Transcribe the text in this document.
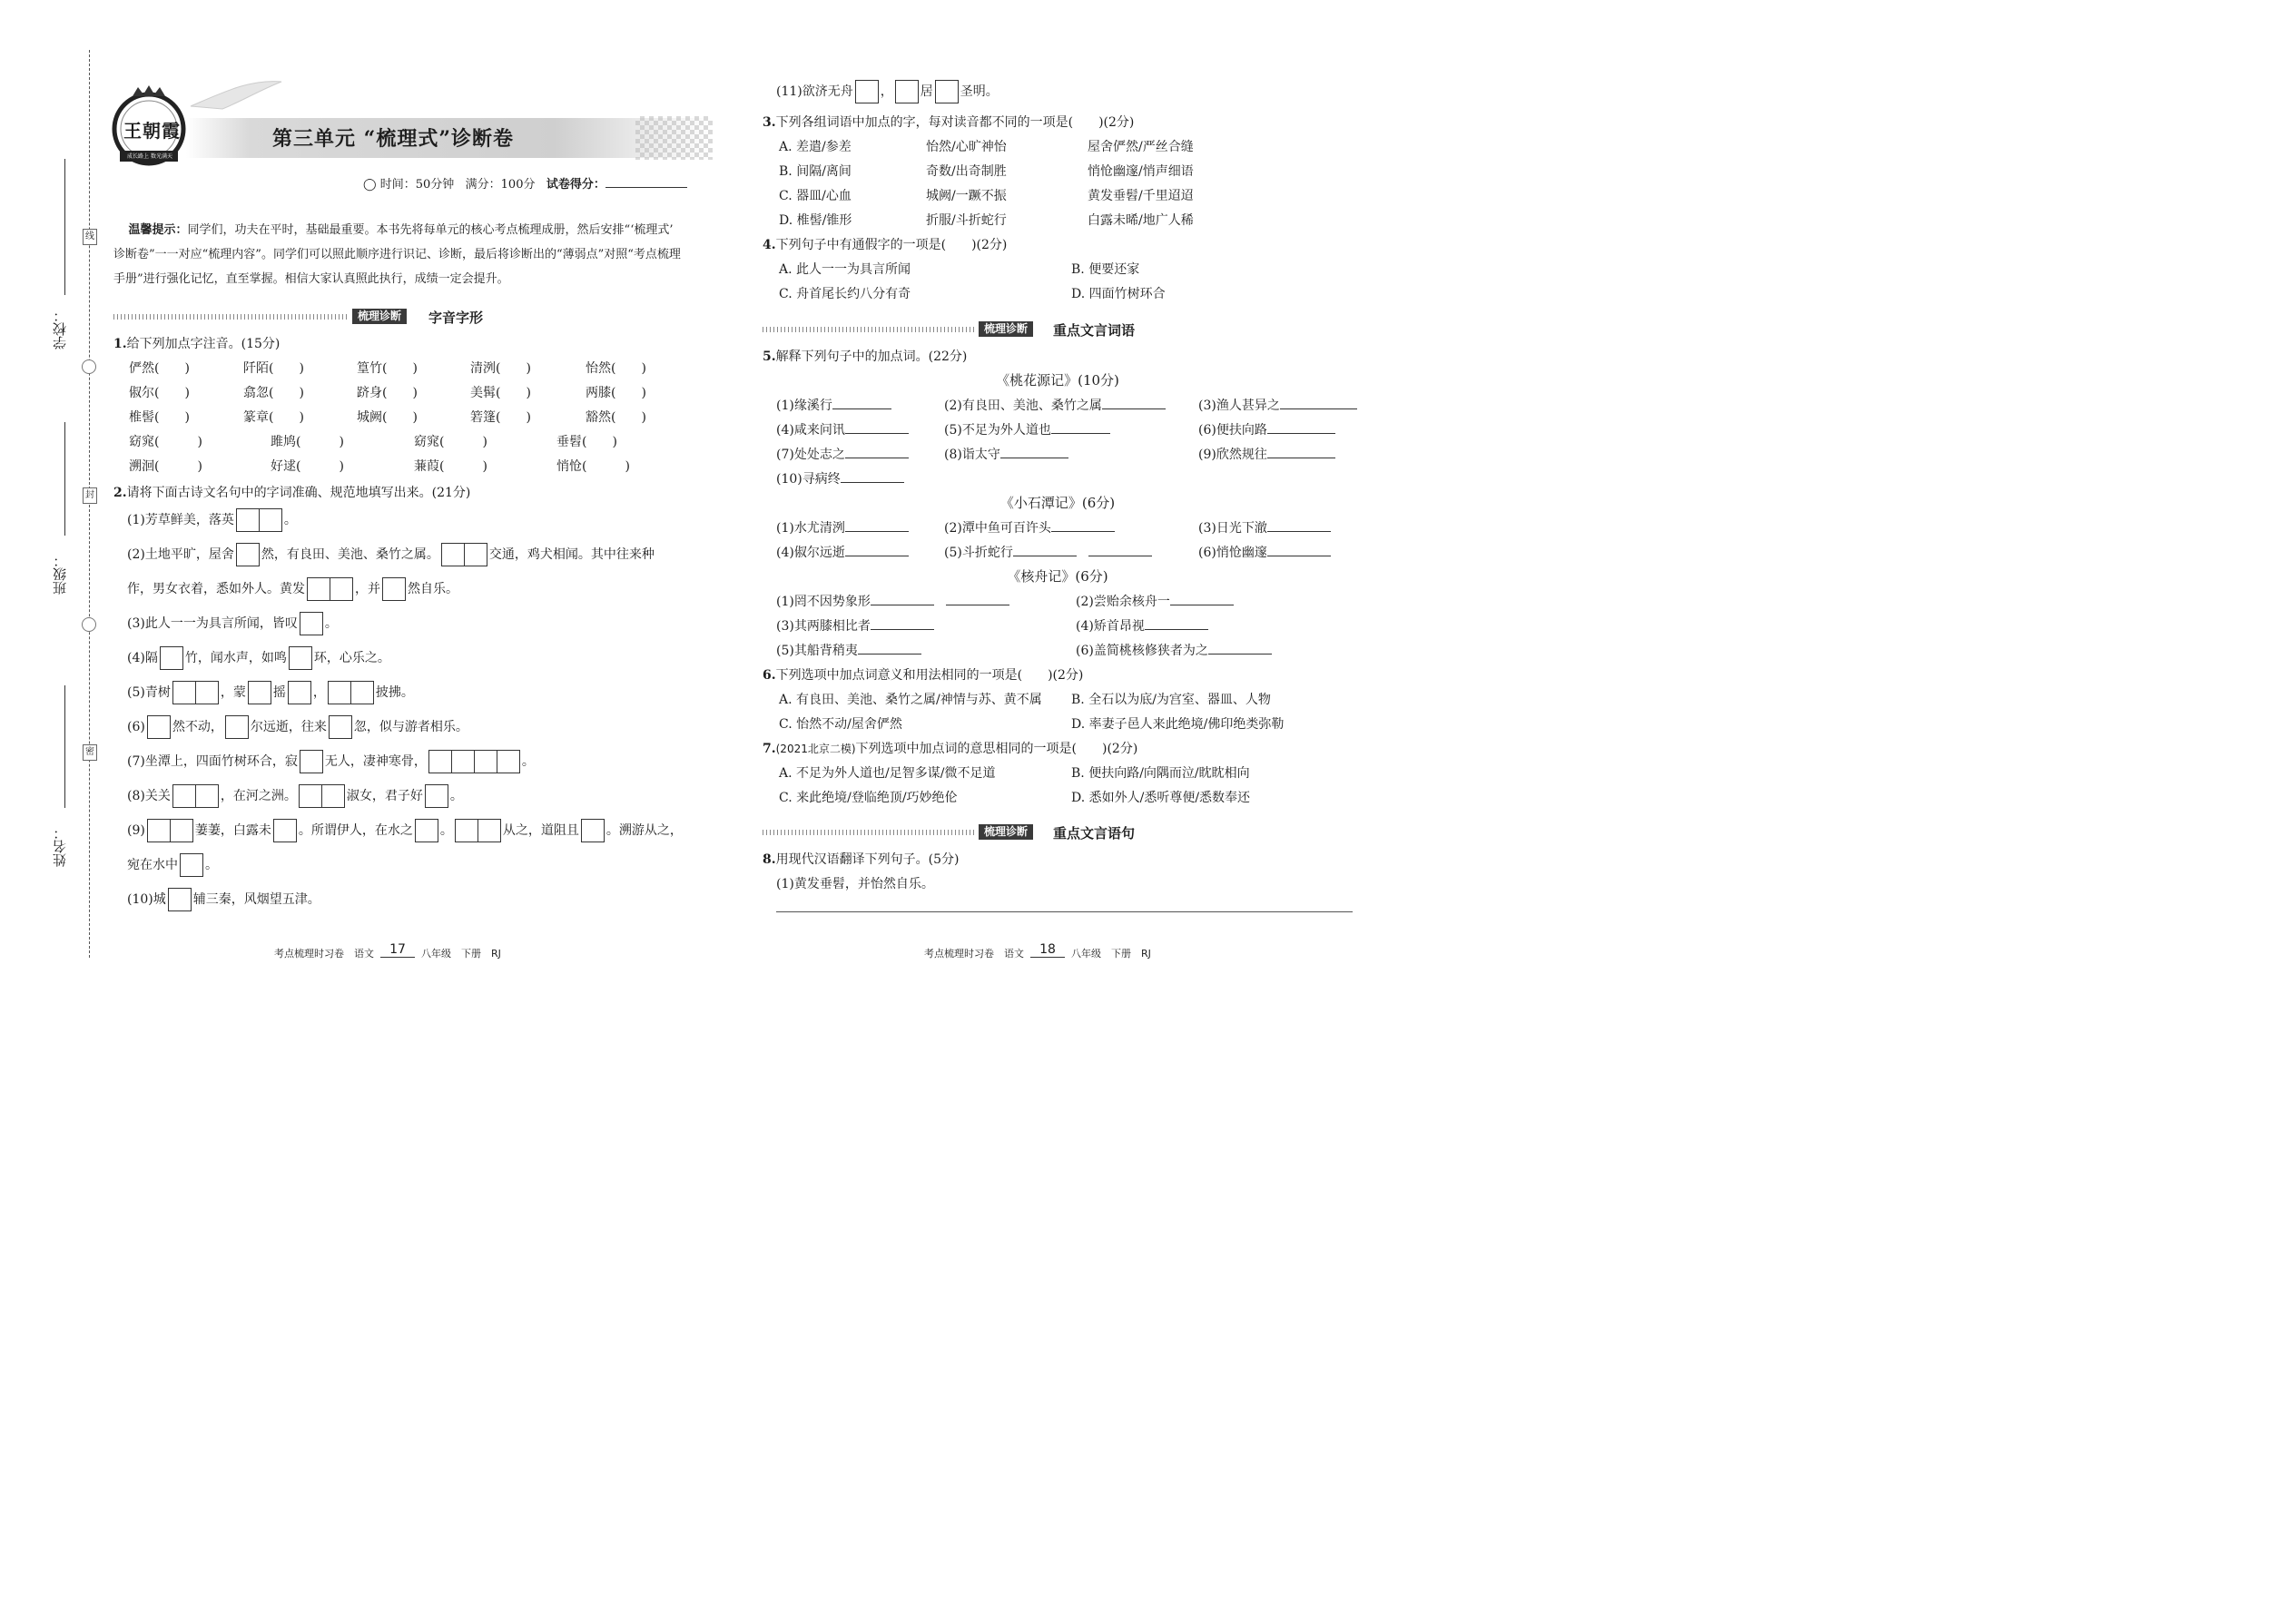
学校：
班级：
姓名：
线
封
密
王朝霞
成长路上 数光满天
第三单元 “梳理式”诊断卷
◯ 时间：50分钟 满分：100分 试卷得分：
温馨提示：同学们，功夫在平时，基础最重要。本书先将每单元的核心考点梳理成册，然后安排“‘梳理式’
诊断卷”一一对应“梳理内容”。同学们可以照此顺序进行识记、诊断，最后将诊断出的“薄弱点”对照“考点梳理
手册”进行强化记忆，直至掌握。相信大家认真照此执行，成绩一定会提升。
梳理诊断	字音字形
1.给下列加点字注音。(15分)
俨然(　　)	阡陌(　　)	篁竹(　　)	清洌(　　)	怡然(　　)
俶尔(　　)	翕忽(　　)	跻身(　　)	美髯(　　)	两膝(　　)
椎髻(　　)	篆章(　　)	城阙(　　)	箬篷(　　)	豁然(　　)
窈窕(　　　)	雎鸠(　　　)	窈窕(　　　)	垂髫(　　)
溯洄(　　　)	好逑(　　　)	蒹葭(　　　)	悄怆(　　　)
2.请将下面古诗文名句中的字词准确、规范地填写出来。(21分)
(1)芳草鲜美，落英	。
(2)土地平旷，屋舍 然，有良田、美池、桑竹之属。	交通，鸡犬相闻。其中往来种
作，男女衣着，悉如外人。黄发	，并 然自乐。
(3)此人一一为具言所闻，皆叹 。
(4)隔 竹，闻水声，如鸣 环，心乐之。
(5)青树	，蒙 摇 ，	披拂。
(6) 然不动， 尔远逝，往来 忽，似与游者相乐。
(7)坐潭上，四面竹树环合，寂 无人，凄神寒骨，	。
(8)关关	，在河之洲。	淑女，君子好 。
(9)	萋萋，白露未 。所谓伊人，在水之 。	从之，道阻且 。溯游从之，
宛在水中 。
(10)城 辅三秦，风烟望五津。
考点梳理时习卷　语文 17 八年级　下册　RJ
(11)欲济无舟 ， 居 圣明。
3.下列各组词语中加点的字，每对读音都不同的一项是(　　)(2分)
A. 差遣/参差	怡然/心旷神怡	屋舍俨然/严丝合缝
B. 间隔/离间	奇数/出奇制胜	悄怆幽邃/悄声细语
C. 器皿/心血	城阙/一蹶不振	黄发垂髫/千里迢迢
D. 椎髻/锥形	折服/斗折蛇行	白露未晞/地广人稀
4.下列句子中有通假字的一项是(　　)(2分)
A. 此人一一为具言所闻	B. 便要还家
C. 舟首尾长约八分有奇	D. 四面竹树环合
梳理诊断	重点文言词语
5.解释下列句子中的加点词。(22分)
《桃花源记》(10分)
(1)缘溪行	(2)有良田、美池、桑竹之属	(3)渔人甚异之
(4)咸来问讯	(5)不足为外人道也	(6)便扶向路
(7)处处志之	(8)诣太守	(9)欣然规往
(10)寻病终
(1)水尤清洌	(2)潭中鱼可百许头	(3)日光下澈
(4)俶尔远逝	(5)斗折蛇行	(6)悄怆幽邃
(1)罔不因势象形	(2)尝贻余核舟一
(3)其两膝相比者	(4)矫首昂视
(5)其船背稍夷	(6)盖简桃核修狭者为之
《小石潭记》(6分)
《核舟记》(6分)
6.下列选项中加点词意义和用法相同的一项是(　　)(2分)
A. 有良田、美池、桑竹之属/神情与苏、黄不属 B. 全石以为底/为宫室、器皿、人物
C. 怡然不动/屋舍俨然	D. 率妻子邑人来此绝境/佛印绝类弥勒
7.(2021北京二模)下列选项中加点词的意思相同的一项是(　　)(2分)
A. 不足为外人道也/足智多谋/微不足道	B. 便扶向路/向隅而泣/眈眈相向
C. 来此绝境/登临绝顶/巧妙绝伦	D. 悉如外人/悉听尊便/悉数奉还
梳理诊断	重点文言语句
8.用现代汉语翻译下列句子。(5分)
(1)黄发垂髫，并怡然自乐。
考点梳理时习卷　语文 18 八年级　下册　RJ
